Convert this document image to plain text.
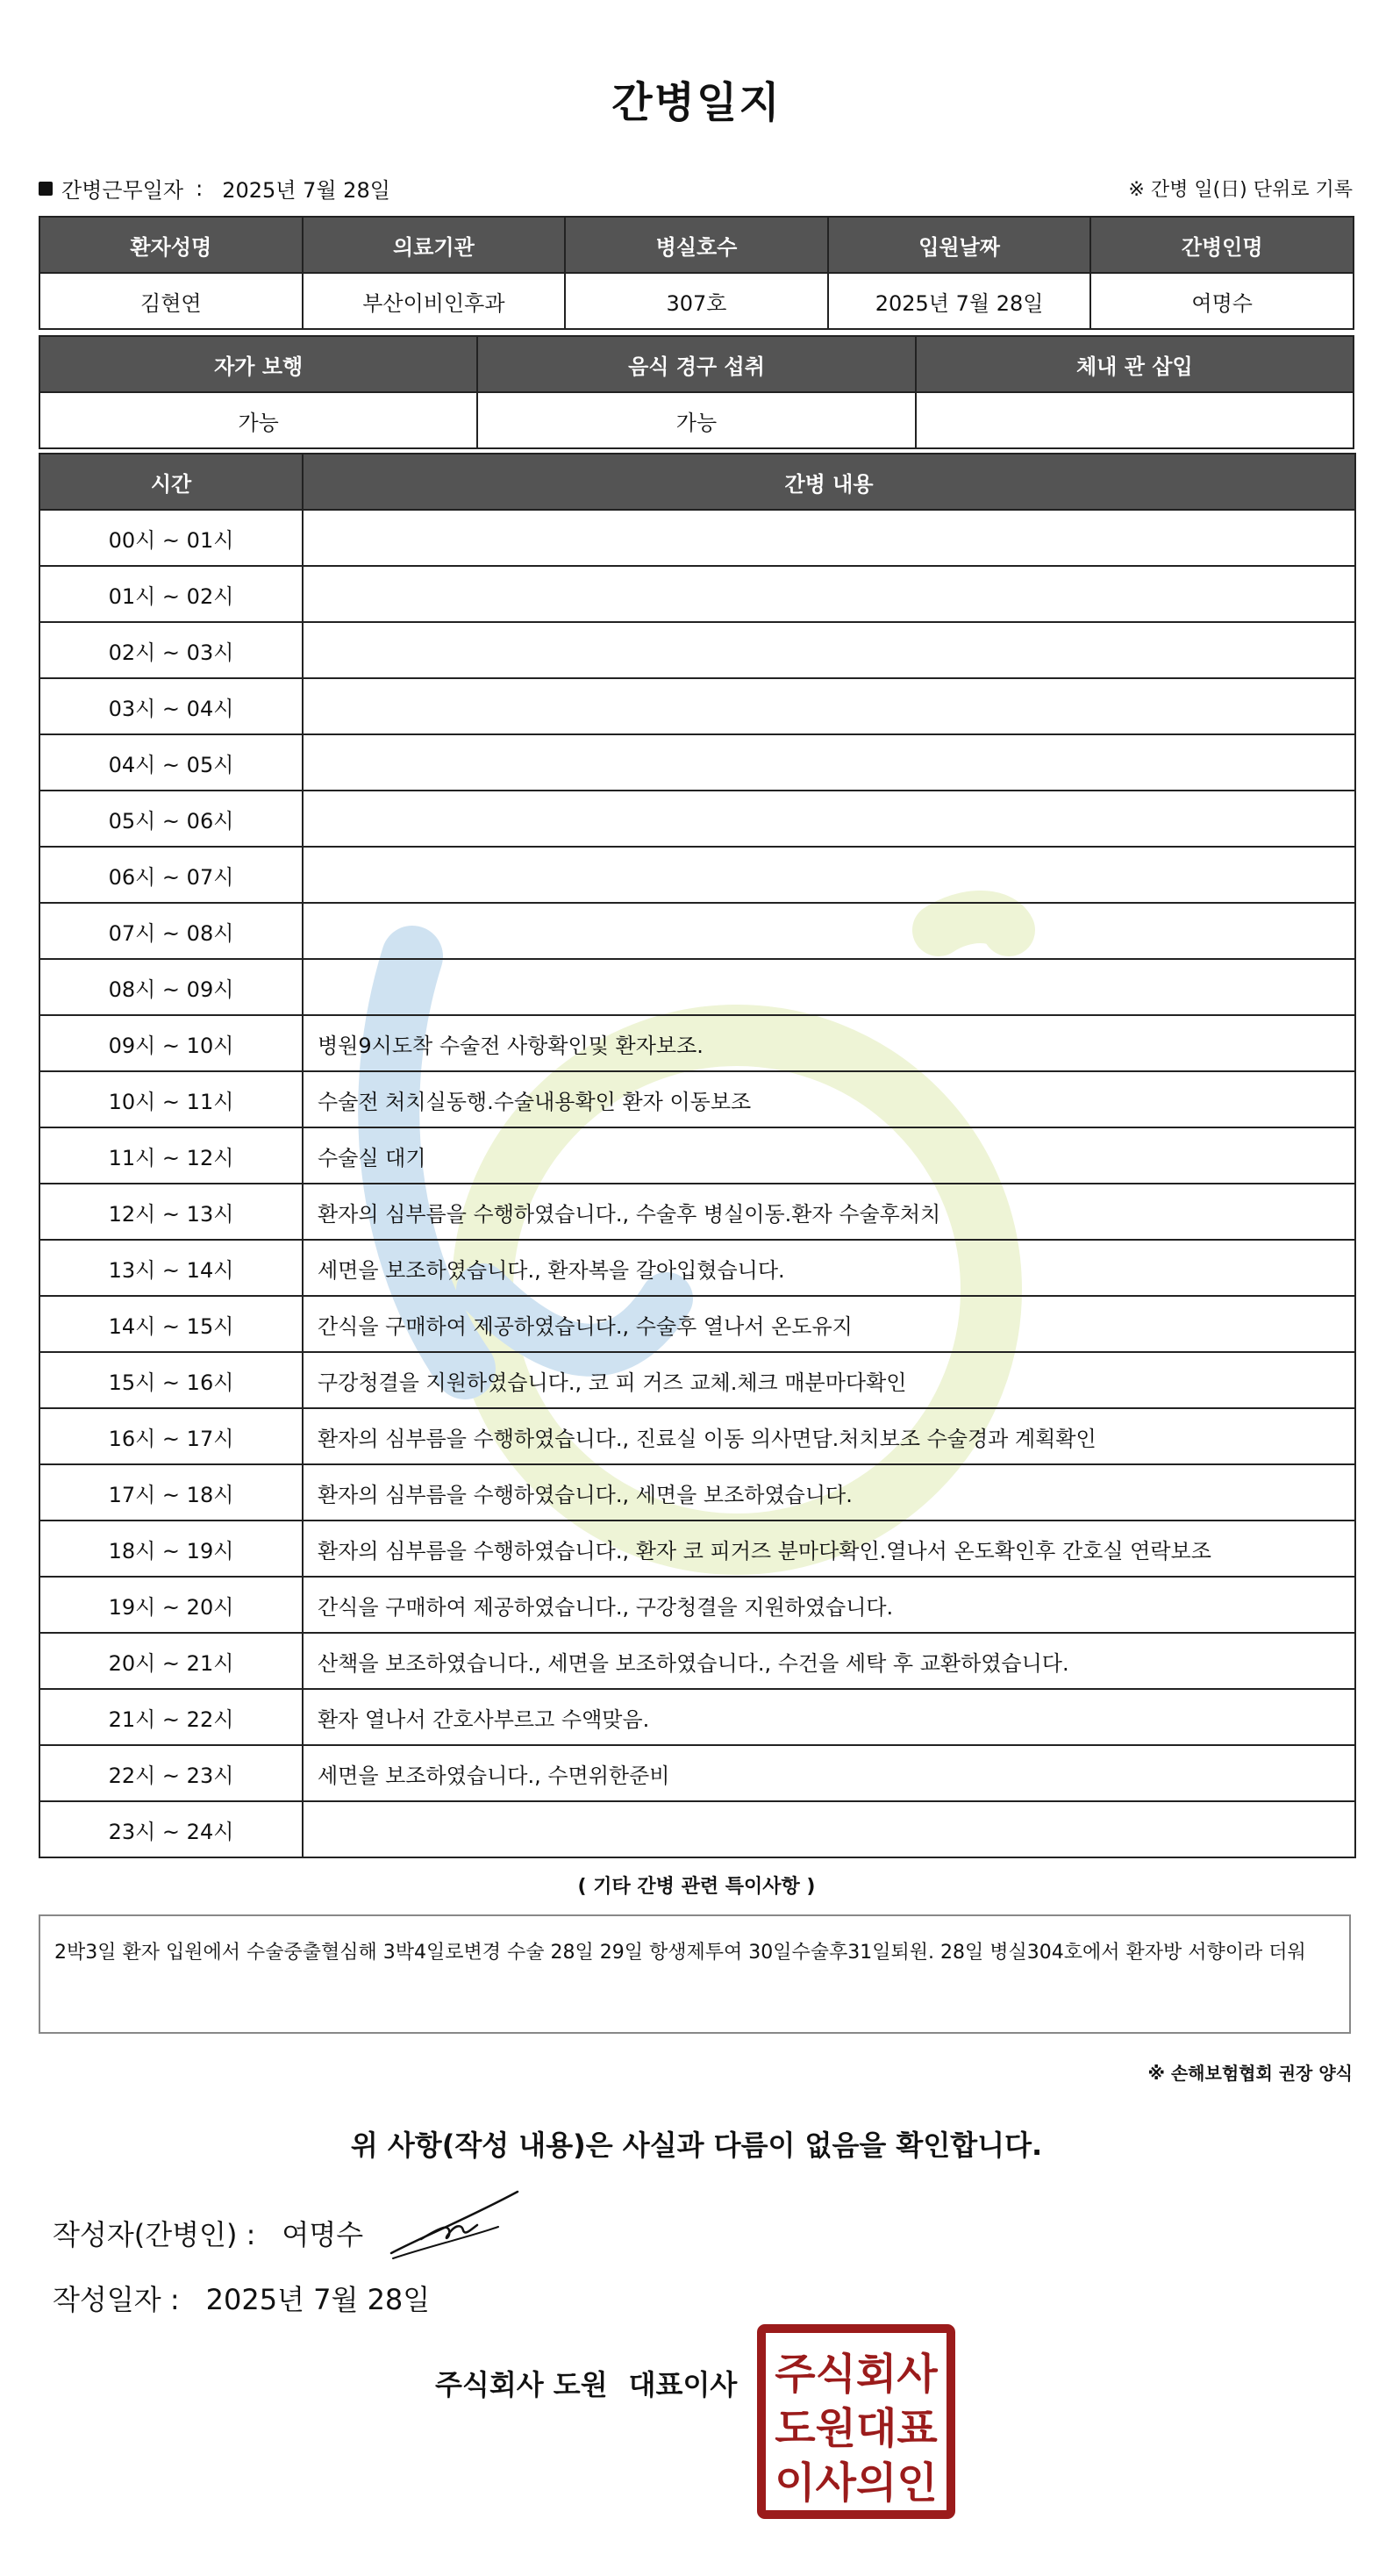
간병일지
간병근무일자 : 2025년 7월 28일	※ 간병 일(日) 단위로 기록
환자성명	의료기관	병실호수	입원날짜	간병인명
김현연	부산이비인후과	307호	2025년 7월 28일	여명수
자가 보행	음식 경구 섭취	체내 관 삽입
가능	가능	
시간	간병 내용
00시 ~ 01시	
01시 ~ 02시	
02시 ~ 03시	
03시 ~ 04시	
04시 ~ 05시	
05시 ~ 06시	
06시 ~ 07시	
07시 ~ 08시	
08시 ~ 09시	
09시 ~ 10시	병원9시도착 수술전 사항확인및 환자보조.
10시 ~ 11시	수술전 처치실동행.수술내용확인 환자 이동보조
11시 ~ 12시	수술실 대기
12시 ~ 13시	환자의 심부름을 수행하였습니다., 수술후 병실이동.환자 수술후처치
13시 ~ 14시	세면을 보조하였습니다., 환자복을 갈아입혔습니다.
14시 ~ 15시	간식을 구매하여 제공하였습니다., 수술후 열나서 온도유지
15시 ~ 16시	구강청결을 지원하였습니다., 코 피 거즈 교체.체크 매분마다확인
16시 ~ 17시	환자의 심부름을 수행하였습니다., 진료실 이동 의사면담.처치보조 수술경과 계획확인
17시 ~ 18시	환자의 심부름을 수행하였습니다., 세면을 보조하였습니다.
18시 ~ 19시	환자의 심부름을 수행하였습니다., 환자 코 피거즈 분마다확인.열나서 온도확인후 간호실 연락보조
19시 ~ 20시	간식을 구매하여 제공하였습니다., 구강청결을 지원하였습니다.
20시 ~ 21시	산책을 보조하였습니다., 세면을 보조하였습니다., 수건을 세탁 후 교환하였습니다.
21시 ~ 22시	환자 열나서 간호사부르고 수액맞음.
22시 ~ 23시	세면을 보조하였습니다., 수면위한준비
23시 ~ 24시	
( 기타 간병 관련 특이사항 )
2박3일 환자 입원에서 수술중출혈심해 3박4일로변경 수술 28일 29일 항생제투여 30일수술후31일퇴원. 28일 병실304호에서 환자방 서향이라 더워
※ 손해보험협회 권장 양식
위 사항(작성 내용)은 사실과 다름이 없음을 확인합니다.
작성자(간병인) : 여명수
작성일자 : 2025년 7월 28일
주식회사 도원 대표이사 주식회사
도원대표
이사의인
